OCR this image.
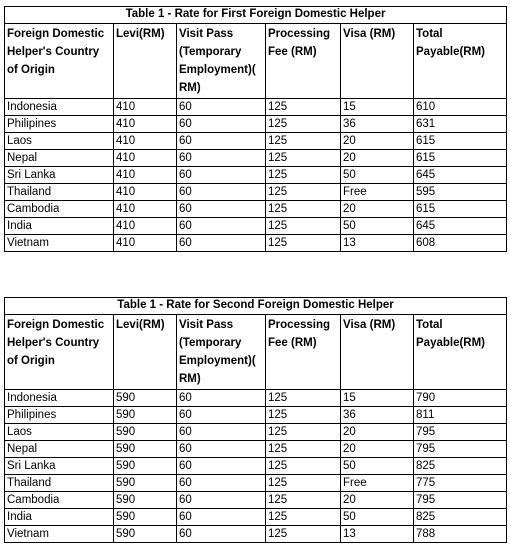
Table 1 - Rate for First Foreign Domestic Helper					
Foreign Domestic Helper's Country of Origin	Levi(RM)	Visit Pass (Temporary Employment)( RM)	Processing Fee (RM)	Visa (RM)	Total Payable(RM)
Indonesia	410	60	125	15	610
Philipines	410	60	125	36	631
Laos	410	60	125	20	615
Nepal	410	60	125	20	615
Sri Lanka	410	60	125	50	645
Thailand	410	60	125	Free	595
Cambodia	410	60	125	20	615
India	410	60	125	50	645
Vietnam	410	60	125	13	608
Table 1 - Rate for Second Foreign Domestic Helper					
Foreign Domestic Helper's Country of Origin	Levi(RM)	Visit Pass (Temporary Employment)( RM)	Processing Fee (RM)	Visa (RM)	Total Payable(RM)
Indonesia	590	60	125	15	790
Philipines	590	60	125	36	811
Laos	590	60	125	20	795
Nepal	590	60	125	20	795
Sri Lanka	590	60	125	50	825
Thailand	590	60	125	Free	775
Cambodia	590	60	125	20	795
India	590	60	125	50	825
Vietnam	590	60	125	13	788
